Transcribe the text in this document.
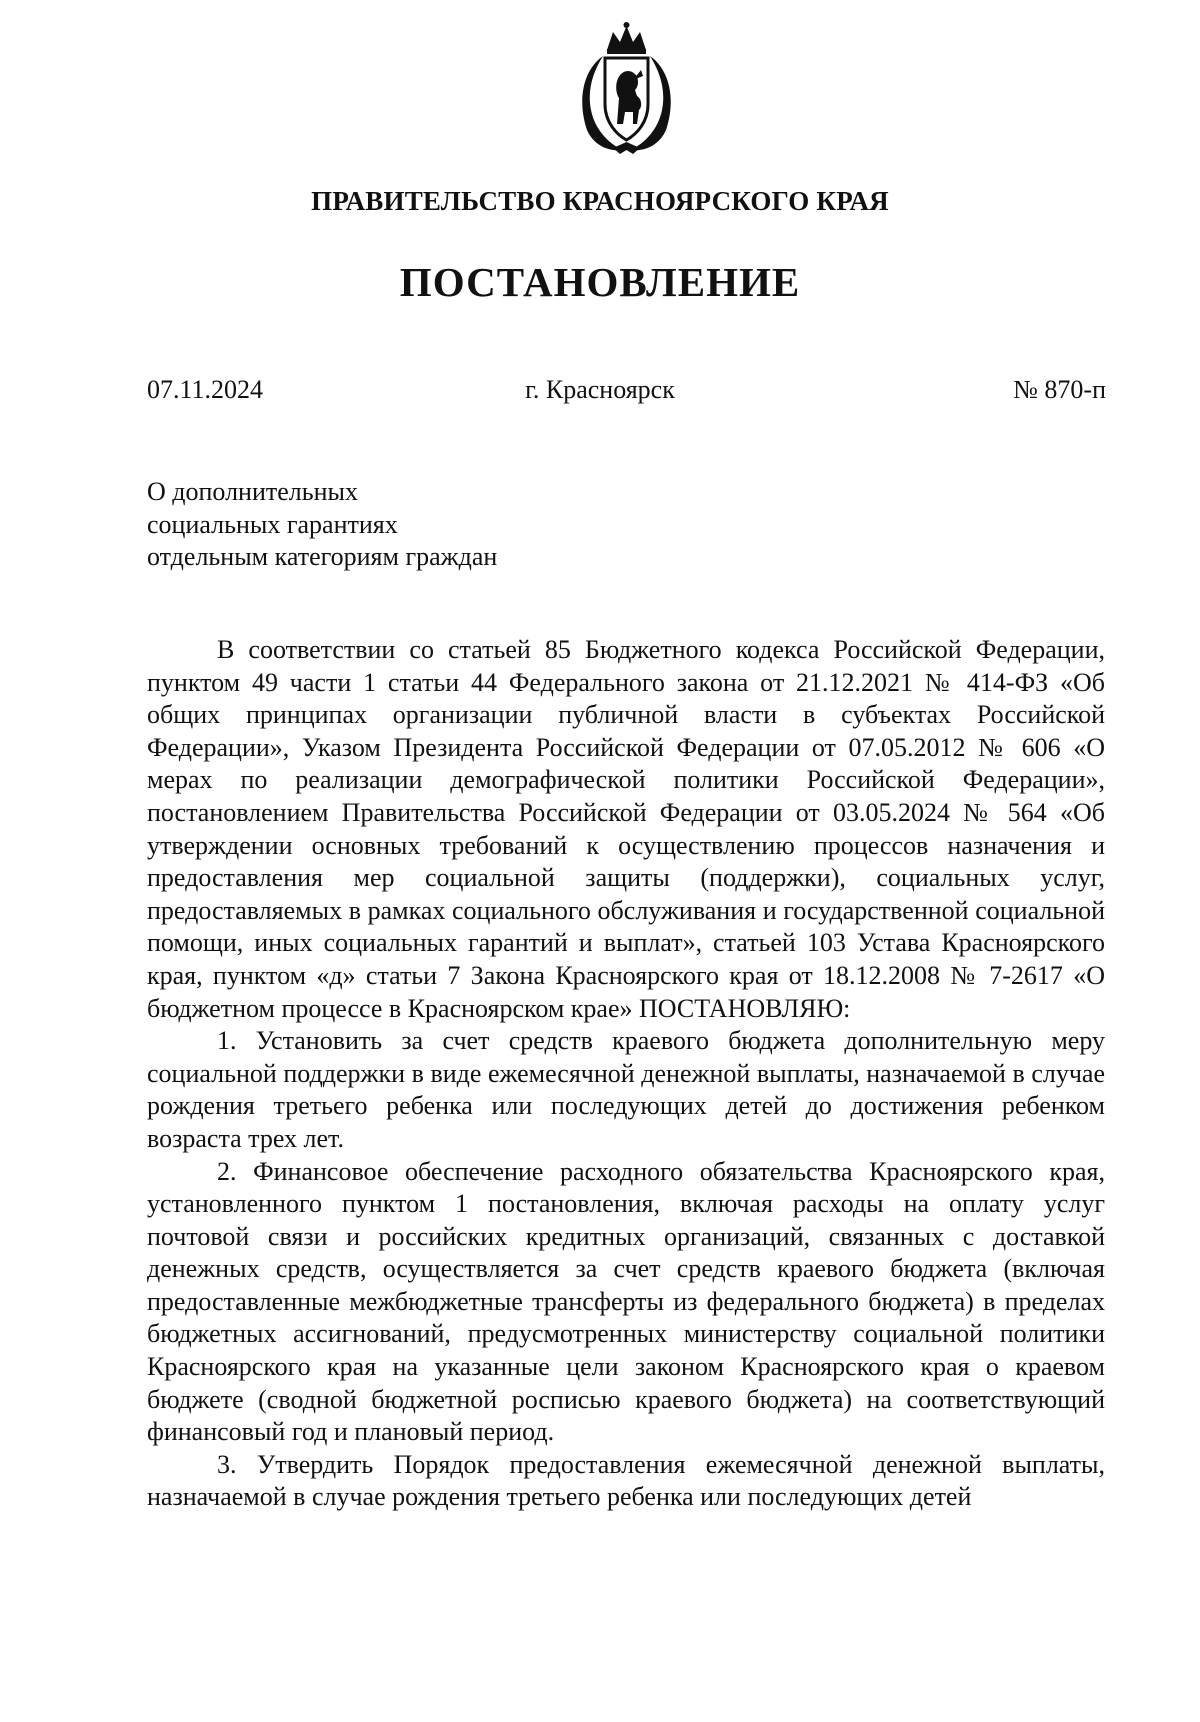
ПРАВИТЕЛЬСТВО КРАСНОЯРСКОГО КРАЯ
ПОСТАНОВЛЕНИЕ
07.11.2024	г. Красноярск	№ 870-п
О дополнительных
социальных гарантиях
отдельным категориям граждан

В соответствии со статьей 85 Бюджетного кодекса Российской Федерации, пунктом 49 части 1 статьи 44 Федерального закона от 21.12.2021 № 414-ФЗ «Об общих принципах организации публичной власти в субъектах Российской Федерации», Указом Президента Российской Федерации от 07.05.2012 № 606 «О мерах по реализации демографической политики Российской Федерации», постановлением Правительства Российской Федерации от 03.05.2024 № 564 «Об утверждении основных требований к осуществлению процессов назначения и предоставления мер социальной защиты (поддержки), социальных услуг, предоставляемых в рамках социального обслуживания и государственной социальной помощи, иных социальных гарантий и выплат», статьей 103 Устава Красноярского края, пунктом «д» статьи 7 Закона Красноярского края от 18.12.2008 № 7-2617 «О бюджетном процессе в Красноярском крае» ПОСТАНОВЛЯЮ:

1. Установить за счет средств краевого бюджета дополнительную меру социальной поддержки в виде ежемесячной денежной выплаты, назначаемой в случае рождения третьего ребенка или последующих детей до достижения ребенком возраста трех лет.

2. Финансовое обеспечение расходного обязательства Красноярского края, установленного пунктом 1 постановления, включая расходы на оплату услуг почтовой связи и российских кредитных организаций, связанных с доставкой денежных средств, осуществляется за счет средств краевого бюджета (включая предоставленные межбюджетные трансферты из федерального бюджета) в пределах бюджетных ассигнований, предусмотренных министерству социальной политики Красноярского края на указанные цели законом Красноярского края о краевом бюджете (сводной бюджетной росписью краевого бюджета) на соответствующий финансовый год и плановый период.

3. Утвердить Порядок предоставления ежемесячной денежной выплаты, назначаемой в случае рождения третьего ребенка или последующих детей
